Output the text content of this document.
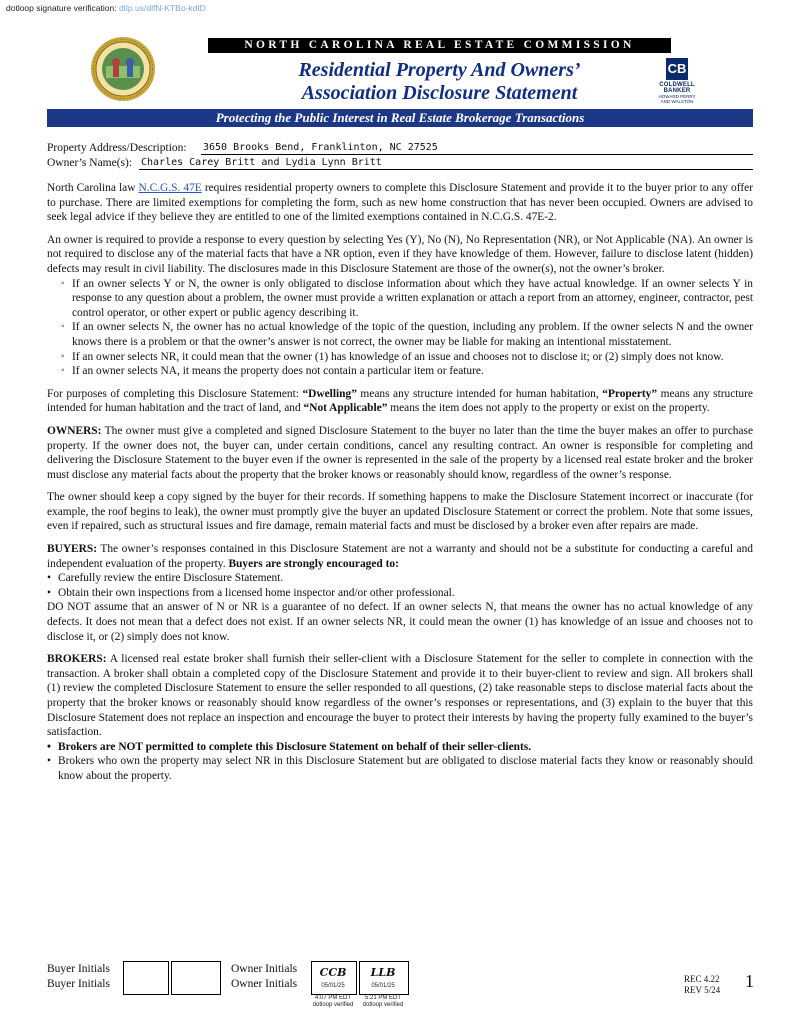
dotloop signature verification: dtlp.us/dlfN-KTBo-kdtD
NORTH CAROLINA REAL ESTATE COMMISSION
Residential Property And Owners’
Association Disclosure Statement
CB
COLDWELL BANKER
HOWARD PERRY
AND WALSTON
Protecting the Public Interest in Real Estate Brokerage Transactions
Property Address/Description: 3650 Brooks Bend, Franklinton, NC 27525
Owner’s Name(s): Charles Carey Britt and Lydia Lynn Britt

North Carolina law N.C.G.S. 47E requires residential property owners to complete this Disclosure Statement and provide it to the buyer prior to any offer to purchase. There are limited exemptions for completing the form, such as new home construction that has never been occupied. Owners are advised to seek legal advice if they believe they are entitled to one of the limited exemptions contained in N.C.G.S. 47E-2.

An owner is required to provide a response to every question by selecting Yes (Y), No (N), No Representation (NR), or Not Applicable (NA). An owner is not required to disclose any of the material facts that have a NR option, even if they have knowledge of them. However, failure to disclose latent (hidden) defects may result in civil liability. The disclosures made in this Disclosure Statement are those of the owner(s), not the owner’s broker.

◦ If an owner selects Y or N, the owner is only obligated to disclose information about which they have actual knowledge. If an owner selects Y in response to any question about a problem, the owner must provide a written explanation or attach a report from an attorney, engineer, contractor, pest control operator, or other expert or public agency describing it.
◦ If an owner selects N, the owner has no actual knowledge of the topic of the question, including any problem. If the owner selects N and the owner knows there is a problem or that the owner’s answer is not correct, the owner may be liable for making an intentional misstatement.
◦ If an owner selects NR, it could mean that the owner (1) has knowledge of an issue and chooses not to disclose it; or (2) simply does not know.
◦ If an owner selects NA, it means the property does not contain a particular item or feature.

For purposes of completing this Disclosure Statement: “Dwelling” means any structure intended for human habitation, “Property” means any structure intended for human habitation and the tract of land, and “Not Applicable” means the item does not apply to the property or exist on the property.

OWNERS: The owner must give a completed and signed Disclosure Statement to the buyer no later than the time the buyer makes an offer to purchase property. If the owner does not, the buyer can, under certain conditions, cancel any resulting contract. An owner is responsible for completing and delivering the Disclosure Statement to the buyer even if the owner is represented in the sale of the property by a licensed real estate broker and the broker must disclose any material facts about the property that the broker knows or reasonably should know, regardless of the owner’s response.

The owner should keep a copy signed by the buyer for their records. If something happens to make the Disclosure Statement incorrect or inaccurate (for example, the roof begins to leak), the owner must promptly give the buyer an updated Disclosure Statement or correct the problem. Note that some issues, even if repaired, such as structural issues and fire damage, remain material facts and must be disclosed by a broker even after repairs are made.

BUYERS: The owner’s responses contained in this Disclosure Statement are not a warranty and should not be a substitute for conducting a careful and independent evaluation of the property. Buyers are strongly encouraged to:

• Carefully review the entire Disclosure Statement.
• Obtain their own inspections from a licensed home inspector and/or other professional.

DO NOT assume that an answer of N or NR is a guarantee of no defect. If an owner selects N, that means the owner has no actual knowledge of any defects. It does not mean that a defect does not exist. If an owner selects NR, it could mean the owner (1) has knowledge of an issue and chooses not to disclose it, or (2) simply does not know.

BROKERS: A licensed real estate broker shall furnish their seller-client with a Disclosure Statement for the seller to complete in connection with the transaction. A broker shall obtain a completed copy of the Disclosure Statement and provide it to their buyer-client to review and sign. All brokers shall (1) review the completed Disclosure Statement to ensure the seller responded to all questions, (2) take reasonable steps to disclose material facts about the property that the broker knows or reasonably should know regardless of the owner’s responses or representations, and (3) explain to the buyer that this Disclosure Statement does not replace an inspection and encourage the buyer to protect their interests by having the property fully examined to the buyer’s satisfaction.

• Brokers are NOT permitted to complete this Disclosure Statement on behalf of their seller-clients.
• Brokers who own the property may select NR in this Disclosure Statement but are obligated to disclose material facts they know or reasonably should know about the property.
Buyer Initials
Buyer Initials
Owner Initials
Owner Initials
CCB
05/01/25
4:07 PM EDT
dotloop verified
LLB
05/01/25
5:21 PM EDT
dotloop verified
REC 4.22
REV 5/24 1
